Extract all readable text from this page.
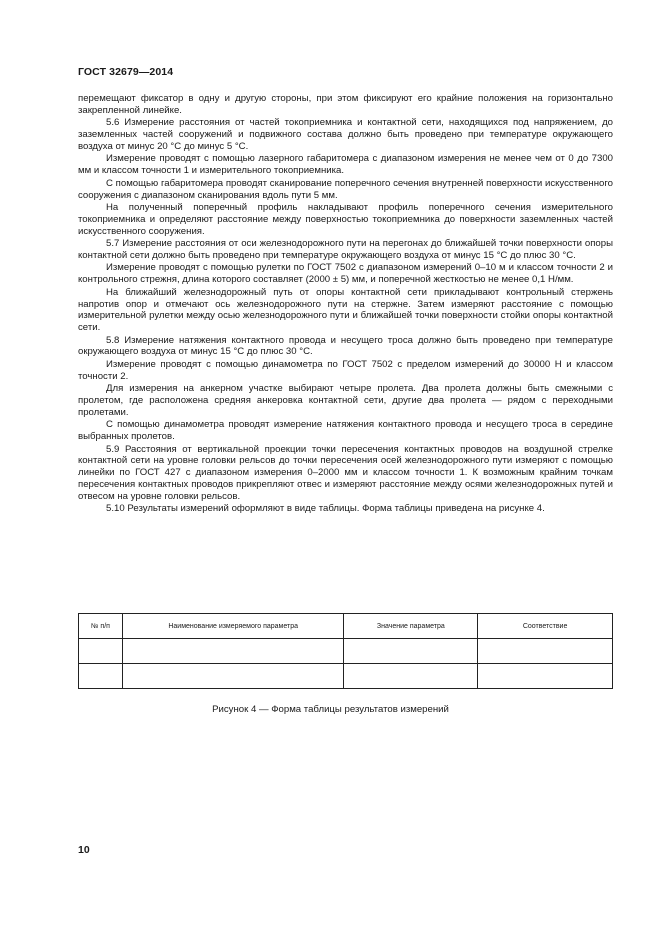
ГОСТ 32679—2014

перемещают фиксатор в одну и другую стороны, при этом фиксируют его крайние положения на горизонтально закрепленной линейке.

5.6 Измерение расстояния от частей токоприемника и контактной сети, находящихся под напряжением, до заземленных частей сооружений и подвижного состава должно быть проведено при температуре окружающего воздуха от минус 20 °С до минус 5 °С.

Измерение проводят с помощью лазерного габаритомера с диапазоном измерения не менее чем от 0 до 7300 мм и классом точности 1 и измерительного токоприемника.

С помощью габаритомера проводят сканирование поперечного сечения внутренней поверхности искусственного сооружения с диапазоном сканирования вдоль пути 5 мм.

На полученный поперечный профиль накладывают профиль поперечного сечения измерительного токоприемника и определяют расстояние между поверхностью токоприемника до поверхности заземленных частей искусственного сооружения.

5.7 Измерение расстояния от оси железнодорожного пути на перегонах до ближайшей точки поверхности опоры контактной сети должно быть проведено при температуре окружающего воздуха от минус 15 °С до плюс 30 °С.

Измерение проводят с помощью рулетки по ГОСТ 7502 с диапазоном измерений 0–10 м и классом точности 2 и контрольного стрежня, длина которого составляет (2000 ± 5) мм, и поперечной жесткостью не менее 0,1 Н/мм.

На ближайший железнодорожный путь от опоры контактной сети прикладывают контрольный стержень напротив опор и отмечают ось железнодорожного пути на стержне. Затем измеряют расстояние с помощью измерительной рулетки между осью железнодорожного пути и ближайшей точки поверхности стойки опоры контактной сети.

5.8 Измерение натяжения контактного провода и несущего троса должно быть проведено при температуре окружающего воздуха от минус 15 °С до плюс 30 °С.

Измерение проводят с помощью динамометра по ГОСТ 7502 с пределом измерений до 30000 Н и классом точности 2.

Для измерения на анкерном участке выбирают четыре пролета. Два пролета должны быть смежными с пролетом, где расположена средняя анкеровка контактной сети, другие два пролета — рядом с переходными пролетами.

С помощью динамометра проводят измерение натяжения контактного провода и несущего троса в середине выбранных пролетов.

5.9 Расстояния от вертикальной проекции точки пересечения контактных проводов на воздушной стрелке контактной сети на уровне головки рельсов до точки пересечения осей железнодорожного пути измеряют с помощью линейки по ГОСТ 427 с диапазоном измерения 0–2000 мм и классом точности 1. К возможным крайним точкам пересечения контактных проводов прикрепляют отвес и измеряют расстояние между осями железнодорожных путей и отвесом на уровне головки рельсов.

5.10 Результаты измерений оформляют в виде таблицы. Форма таблицы приведена на рисунке 4.

№ п/п	Наименование измеряемого параметра	Значение параметра	Соответствие

Рисунок 4 — Форма таблицы результатов измерений
10
